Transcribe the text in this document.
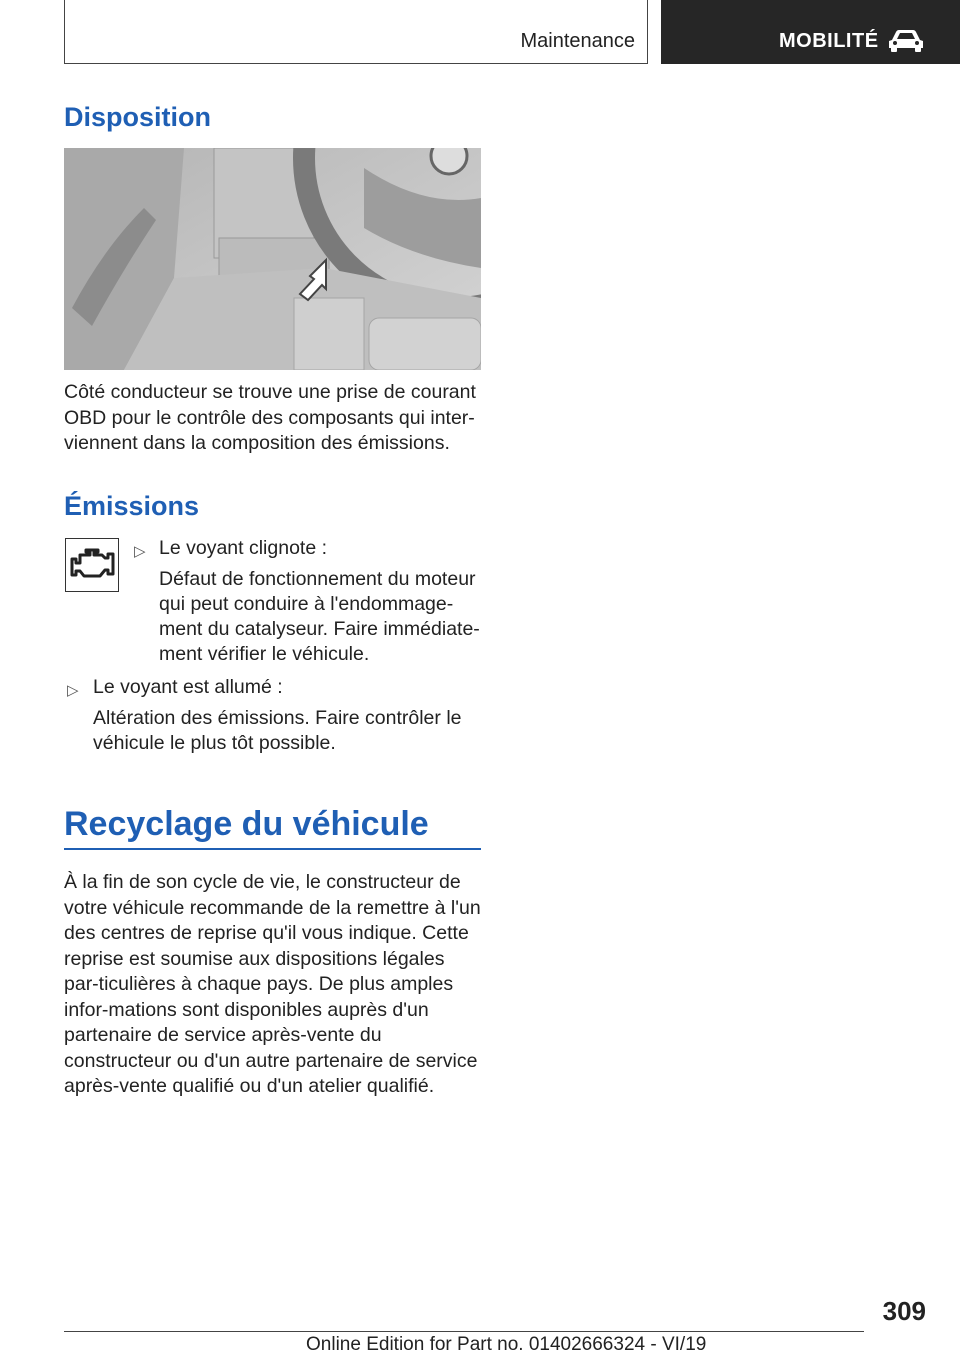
Maintenance	MOBILITÉ
Disposition

Côté conducteur se trouve une prise de courant OBD pour le contrôle des composants qui inter-viennent dans la composition des émissions.

Émissions
▷ Le voyant clignote :
Défaut de fonctionnement du moteur
qui peut conduire à l'endommage-
ment du catalyseur. Faire immédiate-
ment vérifier le véhicule.
▷ Le voyant est allumé :
Altération des émissions. Faire contrôler le
véhicule le plus tôt possible.
Recyclage du véhicule

À la fin de son cycle de vie, le constructeur de votre véhicule recommande de la remettre à l'un des centres de reprise qu'il vous indique. Cette reprise est soumise aux dispositions légales par-ticulières à chaque pays. De plus amples infor-mations sont disponibles auprès d'un partenaire de service après-vente du constructeur ou d'un autre partenaire de service après-vente qualifié ou d'un atelier qualifié.

309
Online Edition for Part no. 01402666324 - VI/19
